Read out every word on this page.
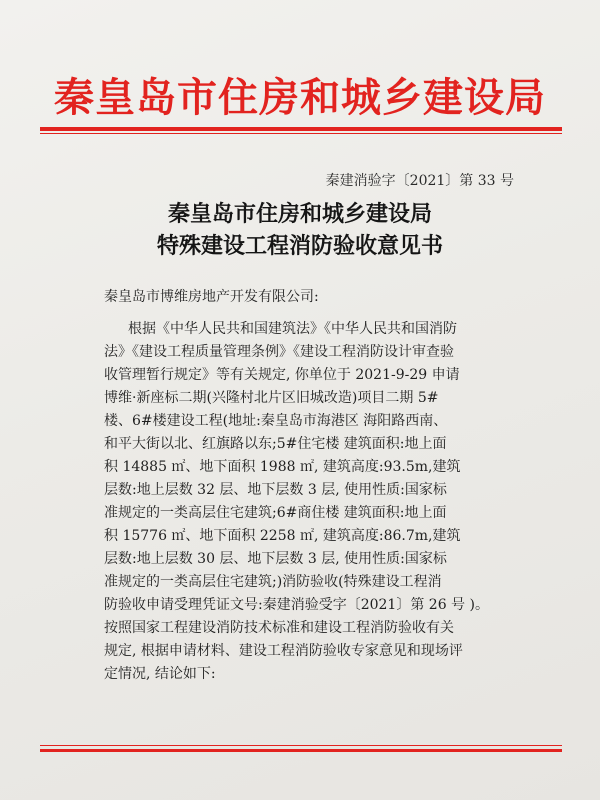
秦皇岛市住房和城乡建设局
秦建消验字〔2021〕第 33 号
秦皇岛市住房和城乡建设局
特殊建设工程消防验收意见书
秦皇岛市博维房地产开发有限公司:
根据《中华人民共和国建筑法》《中华人民共和国消防
法》《建设工程质量管理条例》《建设工程消防设计审查验
收管理暂行规定》等有关规定, 你单位于 2021-9-29 申请
博维·新座标二期(兴隆村北片区旧城改造)项目二期 5#
楼、6#楼建设工程(地址:秦皇岛市海港区 海阳路西南、
和平大街以北、红旗路以东;5#住宅楼 建筑面积:地上面
积 14885 ㎡、地下面积 1988 ㎡, 建筑高度:93.5m,建筑
层数:地上层数 32 层、地下层数 3 层, 使用性质:国家标
准规定的一类高层住宅建筑;6#商住楼 建筑面积:地上面
积 15776 ㎡、地下面积 2258 ㎡, 建筑高度:86.7m,建筑
层数:地上层数 30 层、地下层数 3 层, 使用性质:国家标
准规定的一类高层住宅建筑;)消防验收(特殊建设工程消
防验收申请受理凭证文号:秦建消验受字〔2021〕第 26 号 )。
按照国家工程建设消防技术标准和建设工程消防验收有关
规定, 根据申请材料、建设工程消防验收专家意见和现场评
定情况, 结论如下:
